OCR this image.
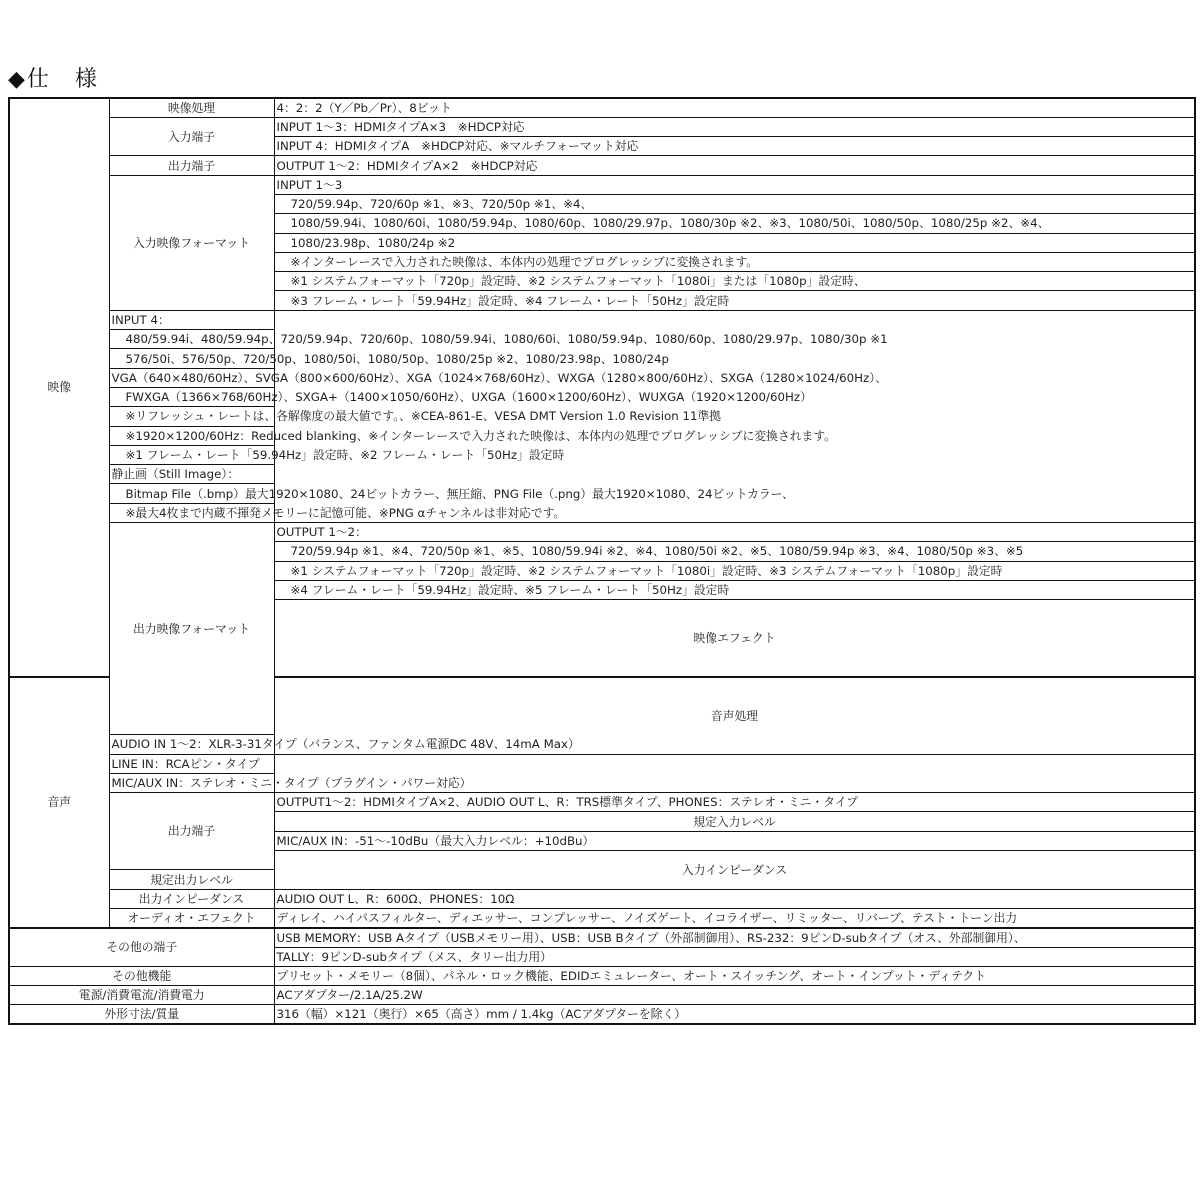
◆仕　様
映像	映像処理	4：2：2（Y／Pb／Pr）、8ビット	
	入力端子	INPUT 1〜3：HDMIタイプA×3　※HDCP対応	
		INPUT 4：HDMIタイプA　※HDCP対応、※マルチフォーマット対応	
	出力端子	OUTPUT 1〜2：HDMIタイプA×2　※HDCP対応	
	入力映像フォーマット	INPUT 1〜3	
		720/59.94p、720/60p ※1、※3、720/50p ※1、※4、	
		1080/59.94i、1080/60i、1080/59.94p、1080/60p、1080/29.97p、1080/30p ※2、※3、1080/50i、1080/50p、1080/25p ※2、※4、	
		1080/23.98p、1080/24p ※2	
		※インターレースで入力された映像は、本体内の処理でプログレッシブに変換されます。	
		※1 システムフォーマット「720p」設定時、※2 システムフォーマット「1080i」または「1080p」設定時、	
		※3 フレーム・レート「59.94Hz」設定時、※4 フレーム・レート「50Hz」設定時	
	INPUT 4：		
	480/59.94i、480/59.94p、720/59.94p、720/60p、1080/59.94i、1080/60i、1080/59.94p、1080/60p、1080/29.97p、1080/30p ※1		
	576/50i、576/50p、720/50p、1080/50i、1080/50p、1080/25p ※2、1080/23.98p、1080/24p		
	VGA（640×480/60Hz）、SVGA（800×600/60Hz）、XGA（1024×768/60Hz）、WXGA（1280×800/60Hz）、SXGA（1280×1024/60Hz）、		
	FWXGA（1366×768/60Hz）、SXGA+（1400×1050/60Hz）、UXGA（1600×1200/60Hz）、WUXGA（1920×1200/60Hz）		
	※リフレッシュ・レートは、各解像度の最大値です。、※CEA-861-E、VESA DMT Version 1.0 Revision 11準拠		
	※1920×1200/60Hz：Reduced blanking、※インターレースで入力された映像は、本体内の処理でプログレッシブに変換されます。		
	※1 フレーム・レート「59.94Hz」設定時、※2 フレーム・レート「50Hz」設定時		
	静止画（Still Image）：		
	Bitmap File（.bmp）最大1920×1080、24ビットカラー、無圧縮、PNG File（.png）最大1920×1080、24ビットカラー、		
	※最大4枚まで内蔵不揮発メモリーに記憶可能、※PNG αチャンネルは非対応です。		
	出力映像フォーマット	OUTPUT 1〜2：	
		720/59.94p ※1、※4、720/50p ※1、※5、1080/59.94i ※2、※4、1080/50i ※2、※5、1080/59.94p ※3、※4、1080/50p ※3、※5	
		※1 システムフォーマット「720p」設定時、※2 システムフォーマット「1080i」設定時、※3 システムフォーマット「1080p」設定時	
		※4 フレーム・レート「59.94Hz」設定時、※5 フレーム・レート「50Hz」設定時	
		映像エフェクト	

音声		音声処理	

	AUDIO IN 1〜2：XLR-3-31タイプ（バランス、ファンタム電源DC 48V、14mA Max）		
	LINE IN：RCAピン・タイプ		
	MIC/AUX IN：ステレオ・ミニ・タイプ（プラグイン・パワー対応）		
	出力端子	OUTPUT1〜2：HDMIタイプA×2、AUDIO OUT L、R：TRS標準タイプ、PHONES：ステレオ・ミニ・タイプ	
		規定入力レベル	
		MIC/AUX IN：-51〜-10dBu（最大入力レベル：+10dBu）	
		入力インピーダンス	
	規定出力レベル	
	出力インピーダンス	AUDIO OUT L、R：600Ω、PHONES：10Ω	
	オーディオ・エフェクト	ディレイ、ハイパスフィルター、ディエッサー、コンプレッサー、ノイズゲート、イコライザー、リミッター、リバーブ、テスト・トーン出力	
その他の端子		USB MEMORY：USB Aタイプ（USBメモリー用）、USB：USB Bタイプ（外部制御用）、RS-232：9ピンD-subタイプ（オス、外部制御用）、	
		TALLY：9ピンD-subタイプ（メス、タリー出力用）	
その他機能		プリセット・メモリー（8個）、パネル・ロック機能、EDIDエミュレーター、オート・スイッチング、オート・インプット・ディテクト	
電源/消費電流/消費電力		ACアダプター/2.1A/25.2W	
外形寸法/質量		316（幅）×121（奥行）×65（高さ）mm / 1.4kg（ACアダプターを除く）	
